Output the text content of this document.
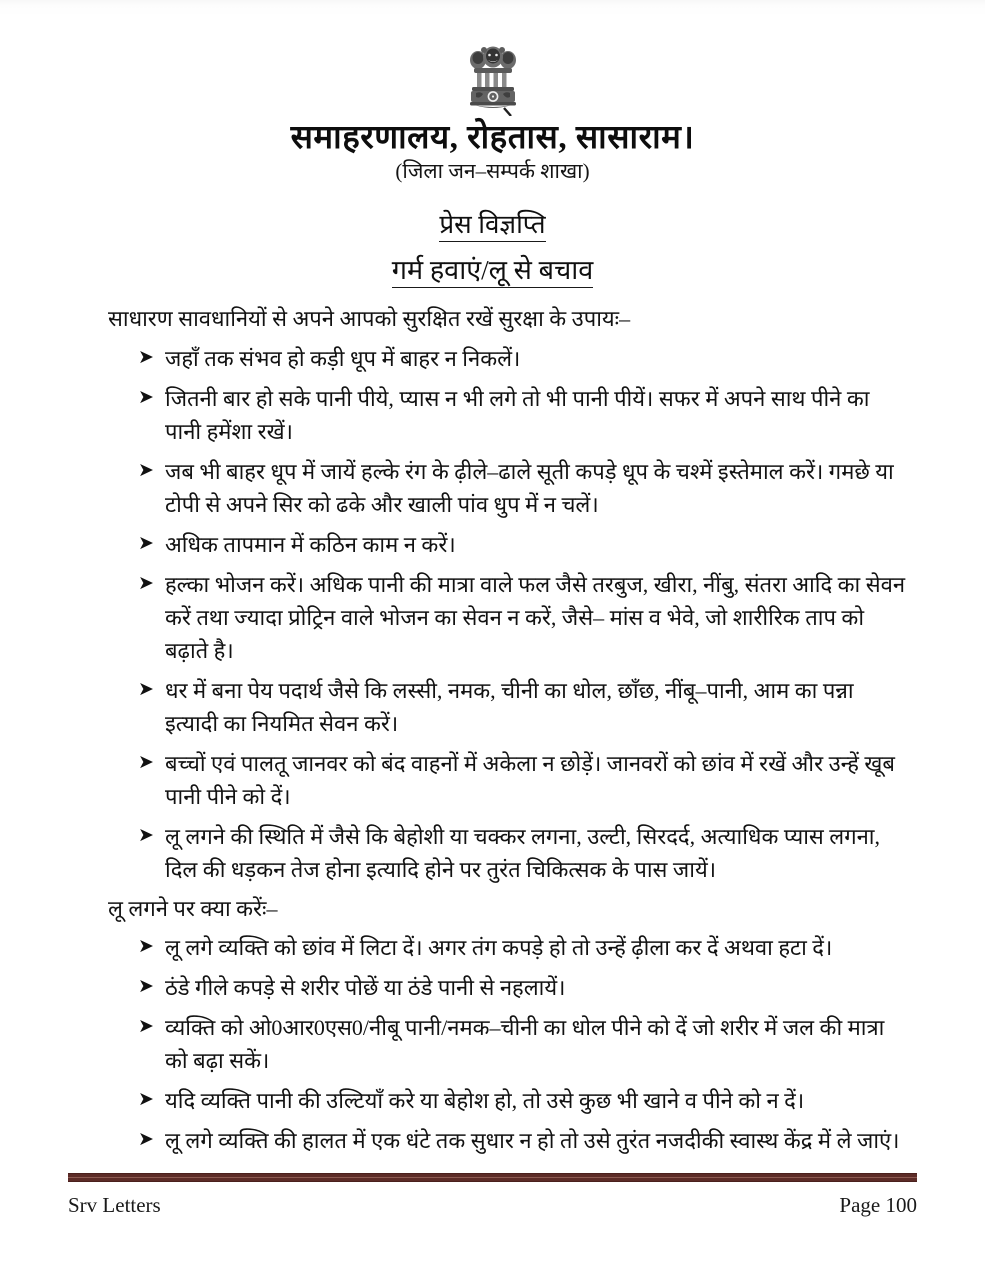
समाहरणालय, रोहतास, सासाराम।
(जिला जन–सम्पर्क शाखा)
प्रेस विज्ञप्ति
गर्म हवाएं/लू से बचाव

साधारण सावधानियों से अपने आपको सुरक्षित रखें सुरक्षा के उपायः–

➤ जहाँ तक संभव हो कड़ी धूप में बाहर न निकलें।
➤ जितनी बार हो सके पानी पीये, प्यास न भी लगे तो भी पानी पीयें। सफर में अपने साथ पीने का पानी हमेंशा रखें।
➤ जब भी बाहर धूप में जायें हल्के रंग के ढ़ीले–ढाले सूती कपड़े धूप के चश्में इस्तेमाल करें। गमछे या टोपी से अपने सिर को ढके और खाली पांव धुप में न चलें।
➤ अधिक तापमान में कठिन काम न करें।
➤ हल्का भोजन करें। अधिक पानी की मात्रा वाले फल जैसे तरबुज, खीरा, नींबु, संतरा आदि का सेवन करें तथा ज्यादा प्रोट्रिन वाले भोजन का सेवन न करें, जैसे– मांस व भेवे, जो शारीरिक ताप को बढ़ाते है।
➤ धर में बना पेय पदार्थ जैसे कि लस्सी, नमक, चीनी का धोल, छाँछ, नींबू–पानी, आम का पन्ना इत्यादी का नियमित सेवन करें।
➤ बच्चों एवं पालतू जानवर को बंद वाहनों में अकेला न छोड़ें। जानवरों को छांव में रखें और उन्हें खूब पानी पीने को दें।
➤ लू लगने की स्थिति में जैसे कि बेहोशी या चक्कर लगना, उल्टी, सिरदर्द, अत्याधिक प्यास लगना, दिल की धड़कन तेज होना इत्यादि होने पर तुरंत चिकित्सक के पास जायें।

लू लगने पर क्या करेंः–

➤ लू लगे व्यक्ति को छांव में लिटा दें। अगर तंग कपड़े हो तो उन्हें ढ़ीला कर दें अथवा हटा दें।
➤ ठंडे गीले कपड़े से शरीर पोछें या ठंडे पानी से नहलायें।
➤ व्यक्ति को ओ0आर0एस0/नीबू पानी/नमक–चीनी का धोल पीने को दें जो शरीर में जल की मात्रा को बढ़ा सकें।
➤ यदि व्यक्ति पानी की उल्टियाँ करे या बेहोश हो, तो उसे कुछ भी खाने व पीने को न दें।
➤ लू लगे व्यक्ति की हालत में एक धंटे तक सुधार न हो तो उसे तुरंत नजदीकी स्वास्थ केंद्र में ले जाएं।
Srv Letters	Page 100
